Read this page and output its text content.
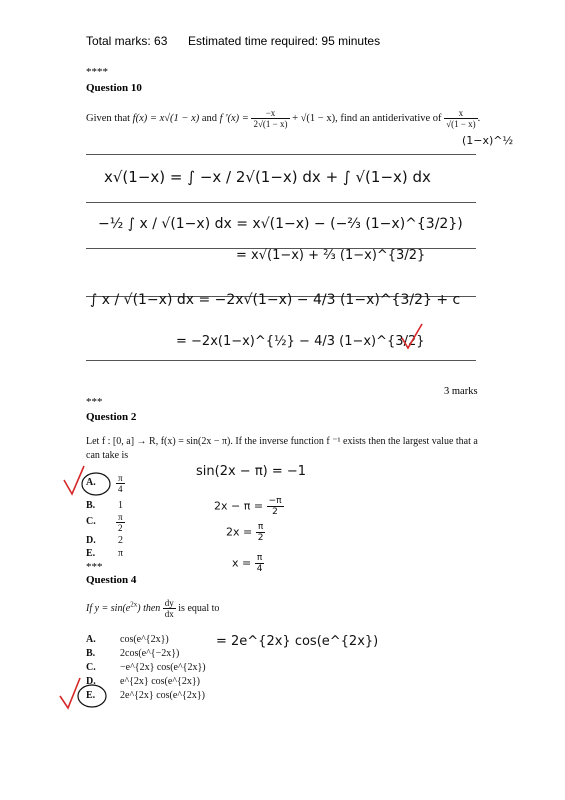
Total marks: 63 Estimated time required: 95 minutes
****
Question 10
Given that f(x) = x√(1 − x) and f $'(x) = \frac{-x}{2√(1 - x)} + √(1 - x)$, find an antiderivative of $\frac{x}{√(1 - x)}$ .
(1−x)^½
x√(1−x) = ∫ −x / 2√(1−x) dx + ∫ √(1−x) dx
−½ ∫ x / √(1−x) dx = x√(1−x) − (−⅔ (1−x)^{3/2})
= x√(1−x) + ⅔ (1−x)^{3/2}
∫ x / √(1−x) dx = −2x√(1−x) − 4/3 (1−x)^{3/2} + c
= −2x(1−x)^{½} − 4/3 (1−x)^{3/2}
3 marks
***
Question 2
Let f : [0, a] → R, f(x) = sin(2x − π). If the inverse function f ⁻¹ exists then the largest value that a
can take is
A. $\frac{\pi}{4}$
B. 1
C. $\frac{\pi}{2}$
D. 2
E. π
sin(2x − π) = −1
$2x - \pi = \frac{-\pi}{2}$
$2x = \frac{\pi}{2}$
$x = \frac{\pi}{4}$
***
Question 4
If $y = \sin(e^{2x})$ then $\frac{dy}{dx}$ is equal to
A. cos(e^{2x})
B. 2cos(e^{−2x})
C. −e^{2x} cos(e^{2x})
D. e^{2x} cos(e^{2x})
E. 2e^{2x} cos(e^{2x})
= 2e^{2x} cos(e^{2x})
